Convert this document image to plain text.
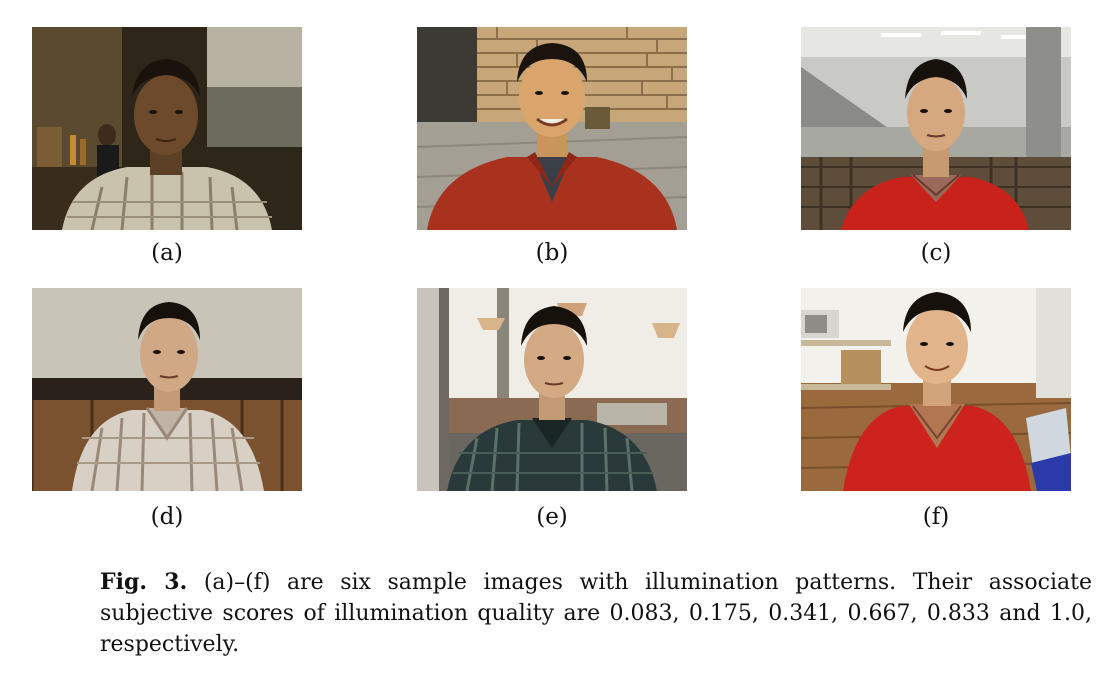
(a)	(b)	(c)
(d)	(e)	(f)
Fig. 3. (a)–(f) are six sample images with illumination patterns. Their associate subjective scores of illumination quality are 0.083, 0.175, 0.341, 0.667, 0.833 and 1.0, respectively.
